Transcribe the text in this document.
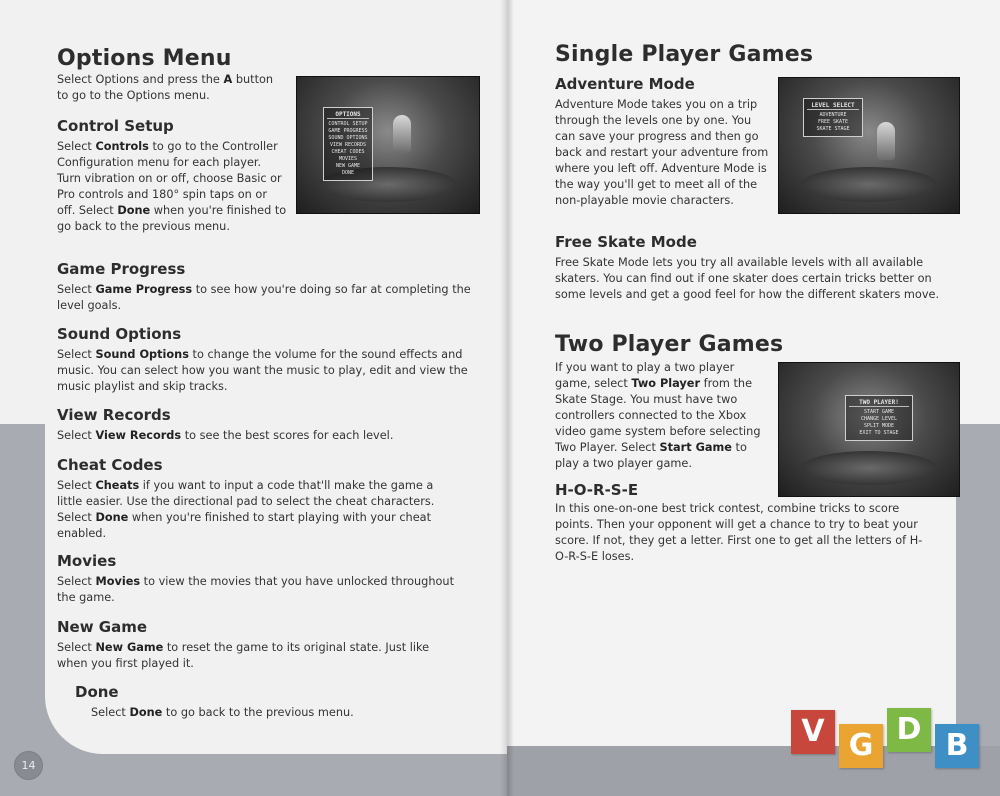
Options Menu

Select Options and press the A button to go to the Options menu.

OPTIONS
CONTROL SETUP
GAME PROGRESS
SOUND OPTIONS
VIEW RECORDS
CHEAT CODES
MOVIES
NEW GAME
DONE
Control Setup

Select Controls to go to the Controller Configuration menu for each player. Turn vibration on or off, choose Basic or Pro controls and 180° spin taps on or off. Select Done when you're finished to go back to the previous menu.

Game Progress

Select Game Progress to see how you're doing so far at completing the level goals.

Sound Options

Select Sound Options to change the volume for the sound effects and music. You can select how you want the music to play, edit and view the music playlist and skip tracks.

View Records

Select View Records to see the best scores for each level.

Cheat Codes

Select Cheats if you want to input a code that'll make the game a little easier. Use the directional pad to select the cheat characters. Select Done when you're finished to start playing with your cheat enabled.

Movies

Select Movies to view the movies that you have unlocked throughout the game.

New Game

Select New Game to reset the game to its original state. Just like when you first played it.

Done

Select Done to go back to the previous menu.

14
Single Player Games
Adventure Mode

Adventure Mode takes you on a trip through the levels one by one. You can save your progress and then go back and restart your adventure from where you left off. Adventure Mode is the way you'll get to meet all of the non-playable movie characters.

LEVEL SELECT
ADVENTURE
FREE SKATE
SKATE STAGE
Free Skate Mode

Free Skate Mode lets you try all available levels with all available skaters. You can find out if one skater does certain tricks better on some levels and get a good feel for how the different skaters move.

Two Player Games

If you want to play a two player game, select Two Player from the Skate Stage. You must have two controllers connected to the Xbox video game system before selecting Two Player. Select Start Game to play a two player game.

TWO PLAYER!
START GAME
CHANGE LEVEL
SPLIT MODE
EXIT TO STAGE
H-O-R-S-E

In this one-on-one best trick contest, combine tricks to score points. Then your opponent will get a chance to try to beat your score. If not, they get a letter. First one to get all the letters of H-O-R-S-E loses.

V G D B
